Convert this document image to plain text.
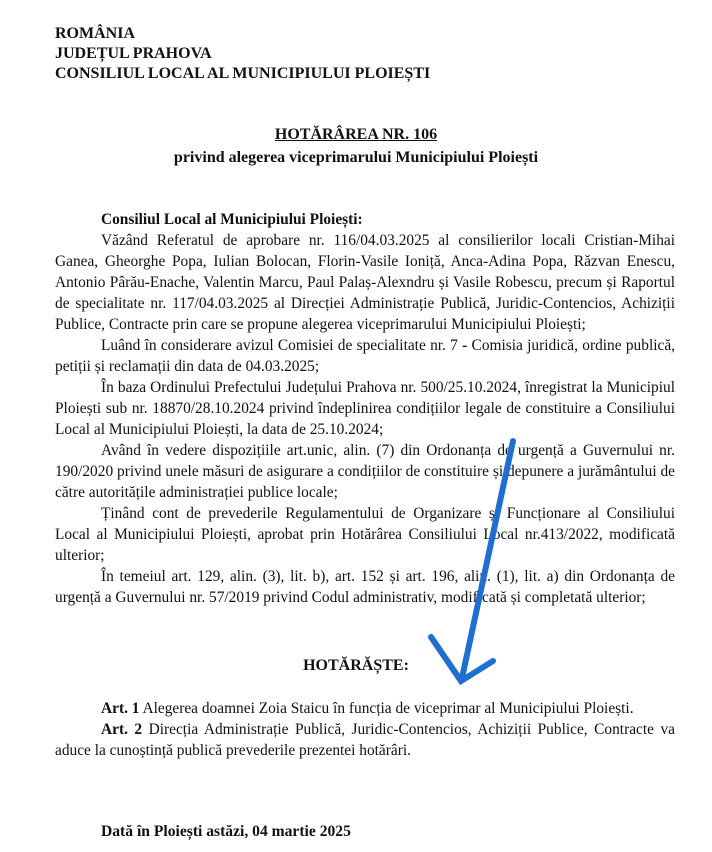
ROMÂNIA
JUDEȚUL PRAHOVA
CONSILIUL LOCAL AL MUNICIPIULUI PLOIEȘTI
HOTĂRÂREA NR. 106
privind alegerea viceprimarului Municipiului Ploiești

Consiliul Local al Municipiului Ploiești:

Văzând Referatul de aprobare nr. 116/04.03.2025 al consilierilor locali Cristian-Mihai Ganea, Gheorghe Popa, Iulian Bolocan, Florin-Vasile Ioniță, Anca-Adina Popa, Răzvan Enescu, Antonio Pârău-Enache, Valentin Marcu, Paul Palaș-Alexndru și Vasile Robescu, precum și Raportul de specialitate nr. 117/04.03.2025 al Direcției Administrație Publică, Juridic-Contencios, Achiziții Publice, Contracte prin care se propune alegerea viceprimarului Municipiului Ploiești;

Luând în considerare avizul Comisiei de specialitate nr. 7 - Comisia juridică, ordine publică, petiții și reclamații din data de 04.03.2025;

În baza Ordinului Prefectului Județului Prahova nr. 500/25.10.2024, înregistrat la Municipiul Ploiești sub nr. 18870/28.10.2024 privind îndeplinirea condițiilor legale de constituire a Consiliului Local al Municipiului Ploiești, la data de 25.10.2024;

Având în vedere dispozițiile art.unic, alin. (7) din Ordonanța de urgență a Guvernului nr. 190/2020 privind unele măsuri de asigurare a condițiilor de constituire și depunere a jurământului de către autoritățile administrației publice locale;

Ținând cont de prevederile Regulamentului de Organizare și Funcționare al Consiliului Local al Municipiului Ploiești, aprobat prin Hotărârea Consiliului Local nr.413/2022, modificată ulterior;

În temeiul art. 129, alin. (3), lit. b), art. 152 și art. 196, alin. (1), lit. a) din Ordonanța de urgență a Guvernului nr. 57/2019 privind Codul administrativ, modificată și completată ulterior;

HOTĂRĂȘTE:

Art. 1 Alegerea doamnei Zoia Staicu în funcția de viceprimar al Municipiului Ploiești.

Art. 2 Direcția Administrație Publică, Juridic-Contencios, Achiziții Publice, Contracte va aduce la cunoștință publică prevederile prezentei hotărâri.

Dată în Ploiești astăzi, 04 martie 2025
